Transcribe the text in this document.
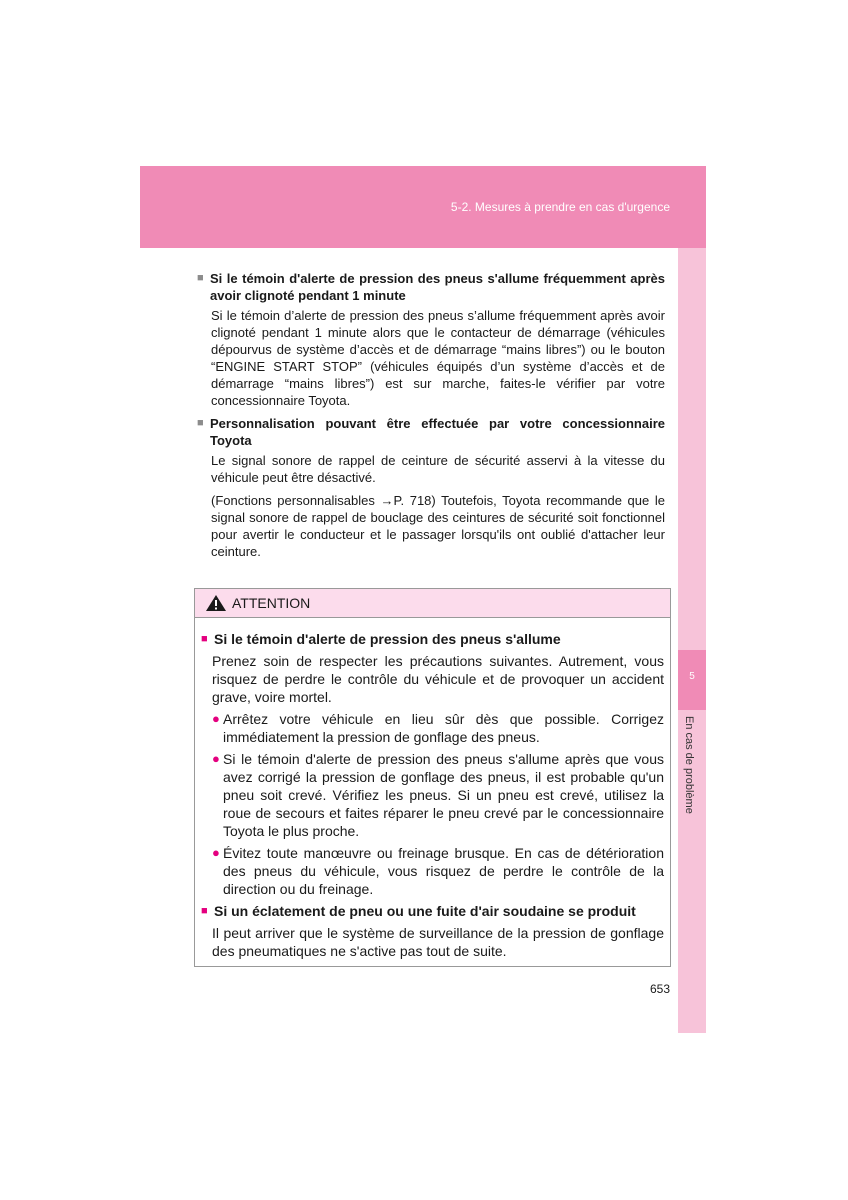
5-2. Mesures à prendre en cas d'urgence
5
En cas de problème
■ Si le témoin d'alerte de pression des pneus s'allume fréquemment après avoir clignoté pendant 1 minute
Si le témoin d’alerte de pression des pneus s’allume fréquemment après avoir clignoté pendant 1 minute alors que le contacteur de démarrage (véhicules dépourvus de système d’accès et de démarrage “mains libres”) ou le bouton “ENGINE START STOP” (véhicules équipés d’un système d’accès et de démarrage “mains libres”) est sur marche, faites-le vérifier par votre concessionnaire Toyota.
■ Personnalisation pouvant être effectuée par votre concessionnaire Toyota
Le signal sonore de rappel de ceinture de sécurité asservi à la vitesse du véhicule peut être désactivé.
(Fonctions personnalisables →P. 718) Toutefois, Toyota recommande que le signal sonore de rappel de bouclage des ceintures de sécurité soit fonctionnel pour avertir le conducteur et le passager lorsqu'ils ont oublié d'attacher leur ceinture.
ATTENTION
■ Si le témoin d'alerte de pression des pneus s'allume
Prenez soin de respecter les précautions suivantes. Autrement, vous risquez de perdre le contrôle du véhicule et de provoquer un accident grave, voire mortel.
● Arrêtez votre véhicule en lieu sûr dès que possible. Corrigez immédiatement la pression de gonflage des pneus.
● Si le témoin d'alerte de pression des pneus s'allume après que vous avez corrigé la pression de gonflage des pneus, il est probable qu'un pneu soit crevé. Vérifiez les pneus. Si un pneu est crevé, utilisez la roue de secours et faites réparer le pneu crevé par le concessionnaire Toyota le plus proche.
● Évitez toute manœuvre ou freinage brusque. En cas de détérioration des pneus du véhicule, vous risquez de perdre le contrôle de la direction ou du freinage.
■ Si un éclatement de pneu ou une fuite d'air soudaine se produit
Il peut arriver que le système de surveillance de la pression de gonflage des pneumatiques ne s'active pas tout de suite.
653
